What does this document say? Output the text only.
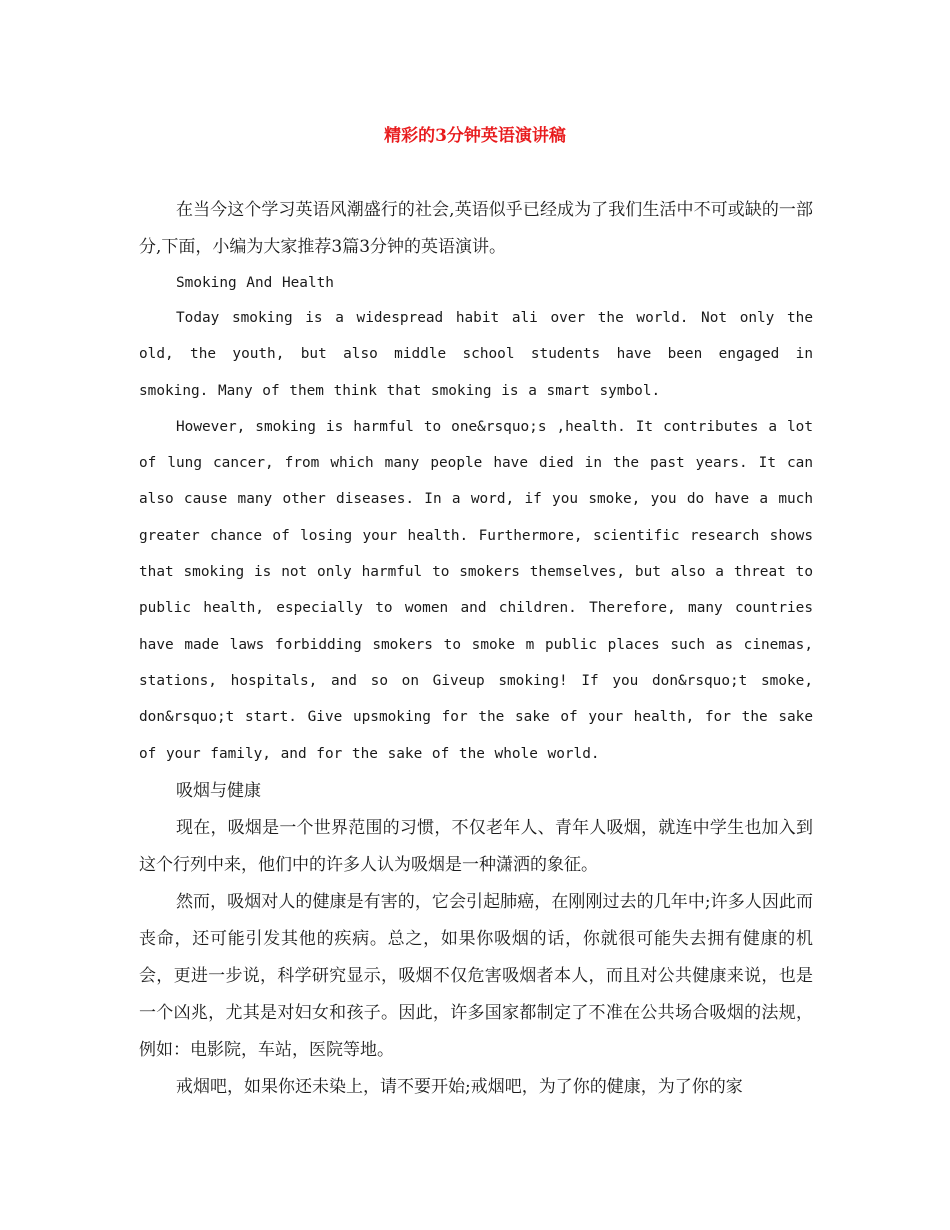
精彩的3分钟英语演讲稿

在当今这个学习英语风潮盛行的社会,英语似乎已经成为了我们生活中不可或缺的一部分,下面，小编为大家推荐3篇3分钟的英语演讲。

Smoking And Health

Today smoking is a widespread habit ali over the world. Not only the old, the youth, but also middle school students have been engaged in smoking. Many of them think that smoking is a smart symbol.

However, smoking is harmful to one&rsquo;s ,health. It contributes a lot of lung cancer, from which many people have died in the past years. It can also cause many other diseases. In a word, if you smoke, you do have a much greater chance of losing your health. Furthermore, scientific research shows that smoking is not only harmful to smokers themselves, but also a threat to public health, especially to women and children. Therefore, many countries have made laws forbidding smokers to smoke m public places such as cinemas, stations, hospitals, and so on Giveup smoking! If you don&rsquo;t smoke, don&rsquo;t start. Give upsmoking for the sake of your health, for the sake of your family, and for the sake of the whole world.

吸烟与健康

现在，吸烟是一个世界范围的习惯，不仅老年人、青年人吸烟，就连中学生也加入到这个行列中来，他们中的许多人认为吸烟是一种潇洒的象征。

然而，吸烟对人的健康是有害的，它会引起肺癌，在刚刚过去的几年中;许多人因此而丧命，还可能引发其他的疾病。总之，如果你吸烟的话，你就很可能失去拥有健康的机会，更进一步说，科学研究显示，吸烟不仅危害吸烟者本人，而且对公共健康来说，也是一个凶兆，尤其是对妇女和孩子。因此，许多国家都制定了不准在公共场合吸烟的法规，例如：电影院，车站，医院等地。

戒烟吧，如果你还未染上，请不要开始;戒烟吧，为了你的健康，为了你的家
